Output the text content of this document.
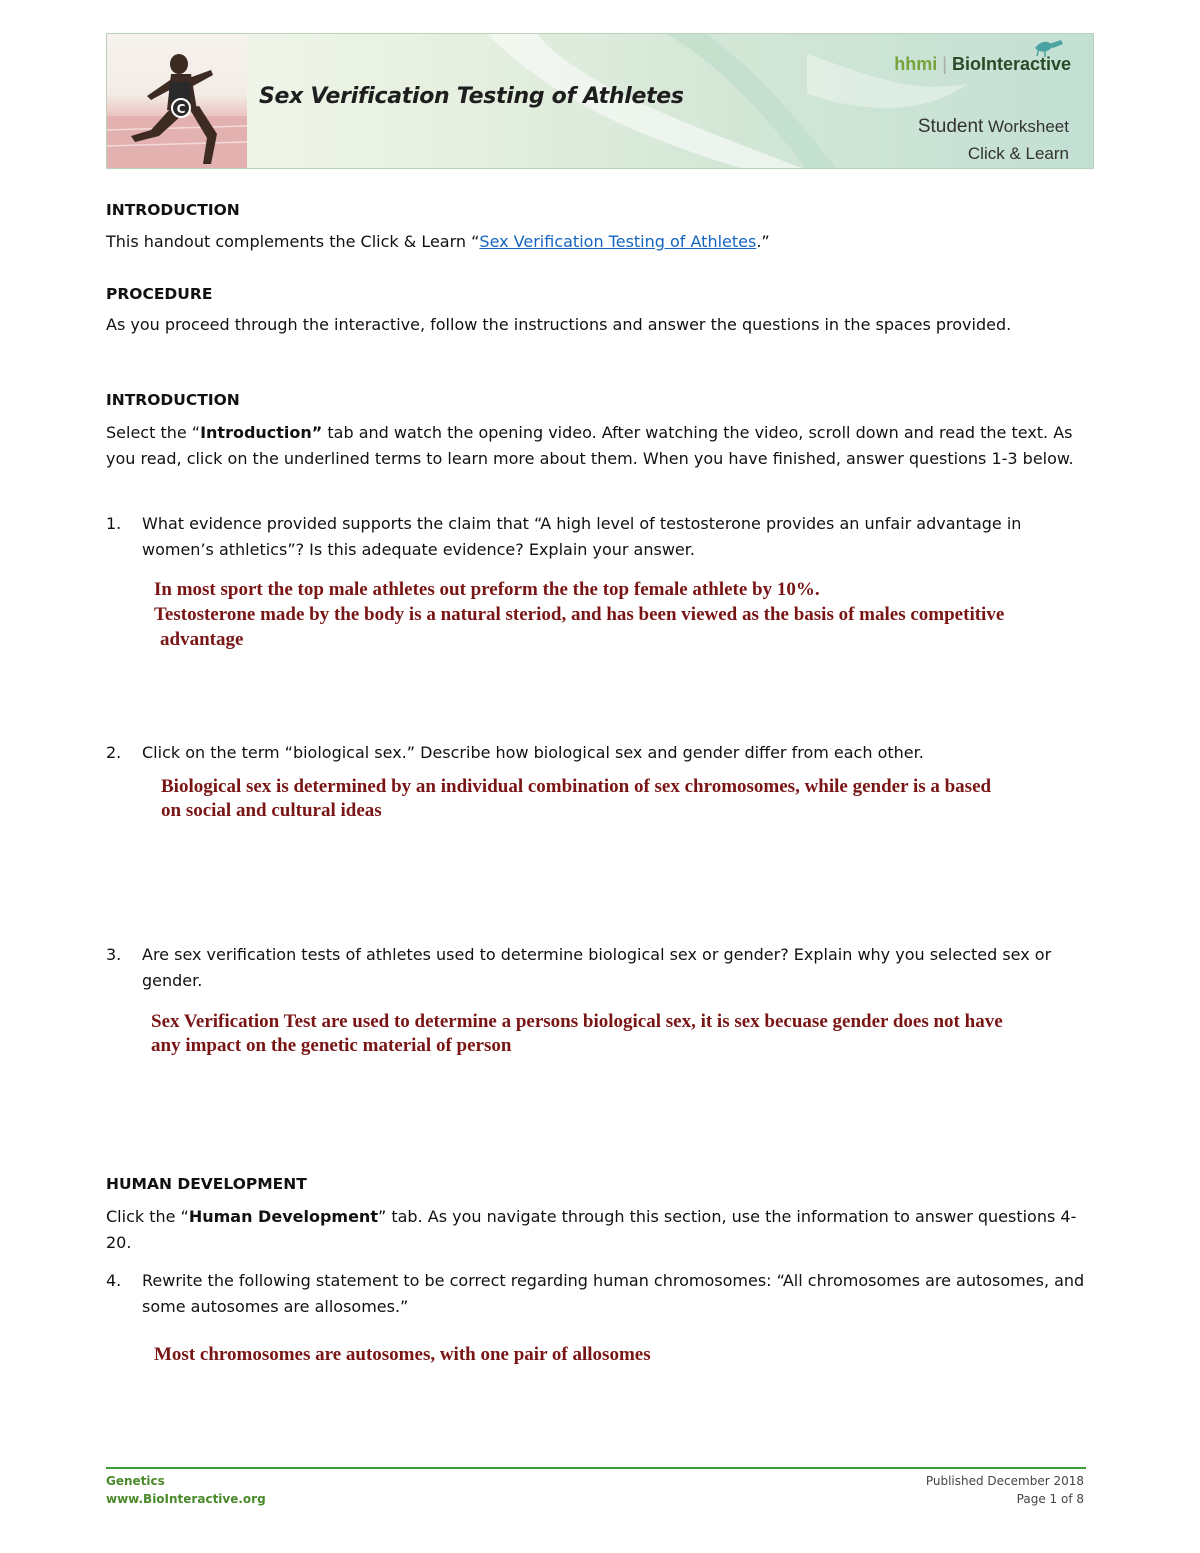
C	Sex Verification Testing of Athletes
hhmi | BioInteractive
Student Worksheet
Click & Learn
INTRODUCTION

This handout complements the Click & Learn “Sex Verification Testing of Athletes.”

PROCEDURE

As you proceed through the interactive, follow the instructions and answer the questions in the spaces provided.

INTRODUCTION

Select the “Introduction” tab and watch the opening video. After watching the video, scroll down and read the text. As you read, click on the underlined terms to learn more about them. When you have finished, answer questions 1-3 below.

1. What evidence provided supports the claim that “A high level of testosterone provides an unfair advantage in women’s athletics”? Is this adequate evidence? Explain your answer.

In most sport the top male athletes out preform the the top female athlete by 10%.

Testosterone made by the body is a natural steriod, and has been viewed as the basis of males competitive

advantage

2. Click on the term “biological sex.” Describe how biological sex and gender differ from each other.

Biological sex is determined by an individual combination of sex chromosomes, while gender is a based

on social and cultural ideas

3. Are sex verification tests of athletes used to determine biological sex or gender? Explain why you selected sex or gender.

Sex Verification Test are used to determine a persons biological sex, it is sex becuase gender does not have

any impact on the genetic material of person

HUMAN DEVELOPMENT

Click the “Human Development” tab. As you navigate through this section, use the information to answer questions 4-20.

4. Rewrite the following statement to be correct regarding human chromosomes: “All chromosomes are autosomes, and some autosomes are allosomes.”

Most chromosomes are autosomes, with one pair of allosomes

Genetics
www.BioInteractive.org
Published December 2018
Page 1 of 8
